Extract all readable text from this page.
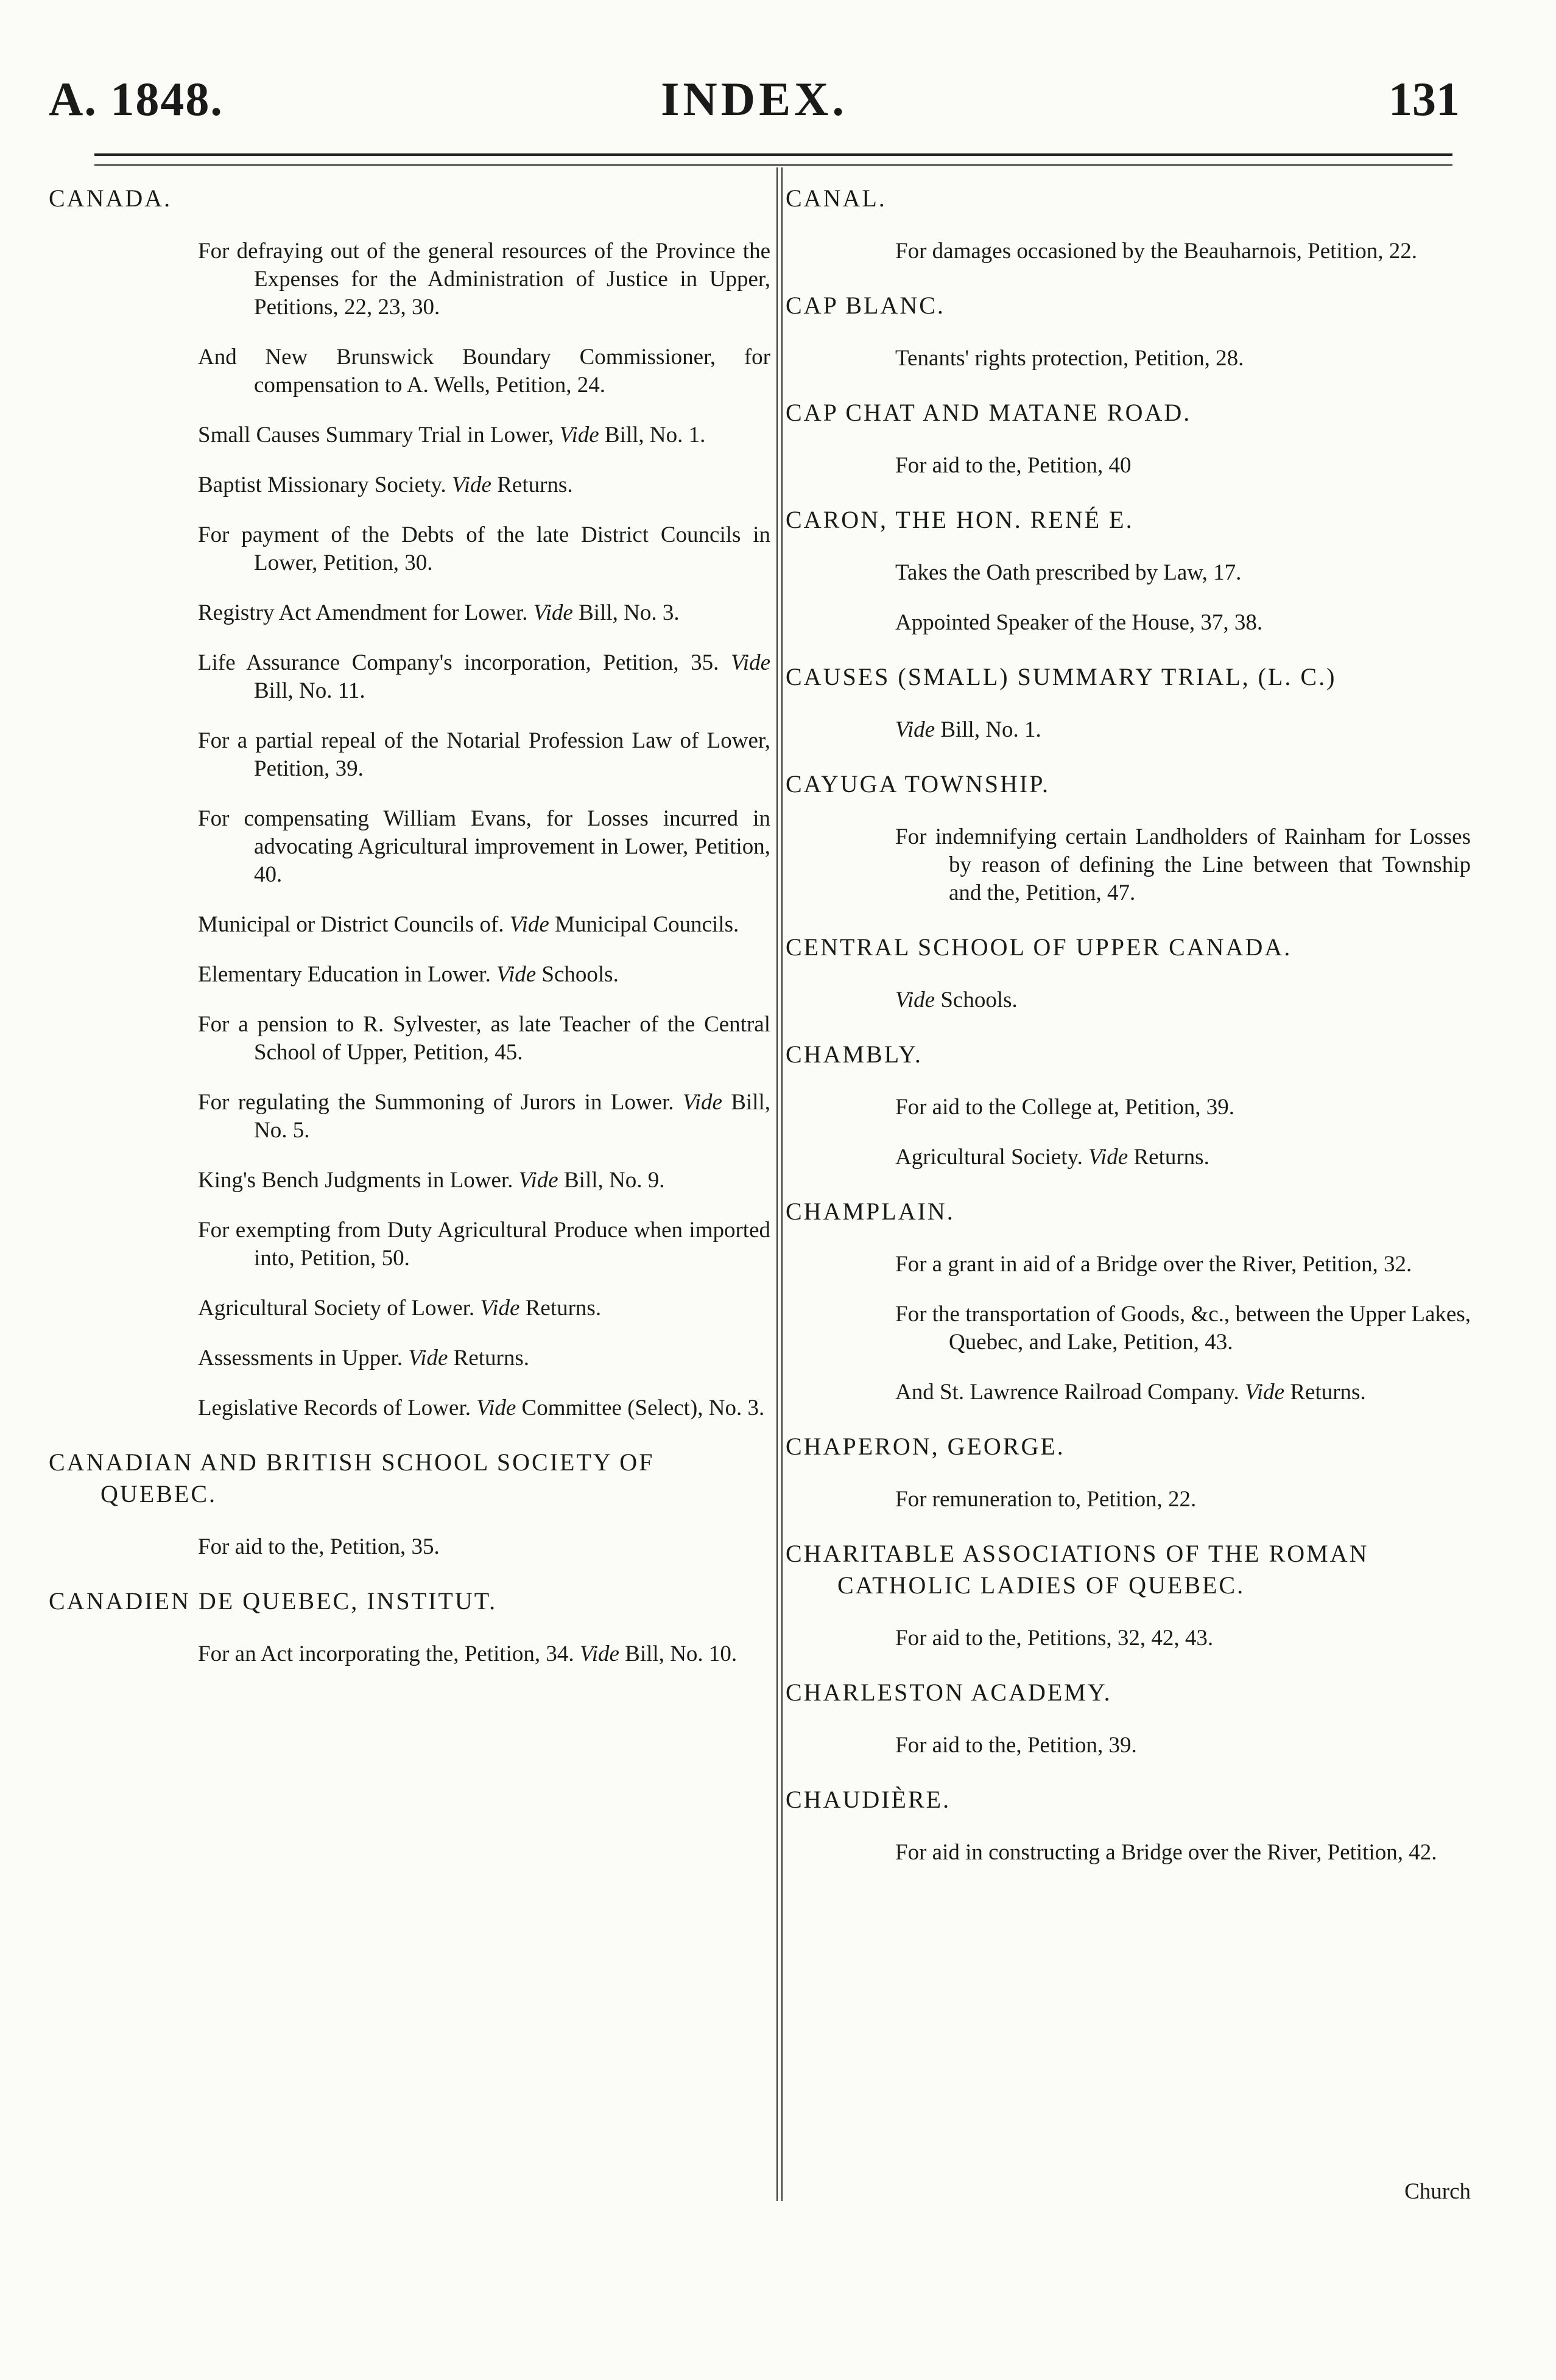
A. 1848.	INDEX.	131
CANADA.
For defraying out of the general resources of the Province the Expenses for the Administration of Justice in Upper, Petitions, 22, 23, 30.
And New Brunswick Boundary Commissioner, for compensation to A. Wells, Petition, 24.
Small Causes Summary Trial in Lower, Vide Bill, No. 1.
Baptist Missionary Society. Vide Returns.
For payment of the Debts of the late District Councils in Lower, Petition, 30.
Registry Act Amendment for Lower. Vide Bill, No. 3.
Life Assurance Company's incorporation, Petition, 35. Vide Bill, No. 11.
For a partial repeal of the Notarial Profession Law of Lower, Petition, 39.
For compensating William Evans, for Losses incurred in advocating Agricultural improvement in Lower, Petition, 40.
Municipal or District Councils of. Vide Municipal Councils.
Elementary Education in Lower. Vide Schools.
For a pension to R. Sylvester, as late Teacher of the Central School of Upper, Petition, 45.
For regulating the Summoning of Jurors in Lower. Vide Bill, No. 5.
King's Bench Judgments in Lower. Vide Bill, No. 9.
For exempting from Duty Agricultural Produce when imported into, Petition, 50.
Agricultural Society of Lower. Vide Returns.
Assessments in Upper. Vide Returns.
Legislative Records of Lower. Vide Committee (Select), No. 3.
CANADIAN AND BRITISH SCHOOL SOCIETY OF QUEBEC.
For aid to the, Petition, 35.
CANADIEN DE QUEBEC, INSTITUT.
For an Act incorporating the, Petition, 34. Vide Bill, No. 10.
CANAL.
For damages occasioned by the Beauharnois, Petition, 22.
CAP BLANC.
Tenants' rights protection, Petition, 28.
CAP CHAT AND MATANE ROAD.
For aid to the, Petition, 40
CARON, THE HON. RENÉ E.
Takes the Oath prescribed by Law, 17.
Appointed Speaker of the House, 37, 38.
CAUSES (SMALL) SUMMARY TRIAL, (L. C.)
Vide Bill, No. 1.
CAYUGA TOWNSHIP.
For indemnifying certain Landholders of Rainham for Losses by reason of defining the Line between that Township and the, Petition, 47.
CENTRAL SCHOOL OF UPPER CANADA.
Vide Schools.
CHAMBLY.
For aid to the College at, Petition, 39.
Agricultural Society. Vide Returns.
CHAMPLAIN.
For a grant in aid of a Bridge over the River, Petition, 32.
For the transportation of Goods, &c., between the Upper Lakes, Quebec, and Lake, Petition, 43.
And St. Lawrence Railroad Company. Vide Returns.
CHAPERON, GEORGE.
For remuneration to, Petition, 22.
CHARITABLE ASSOCIATIONS OF THE ROMAN CATHOLIC LADIES OF QUEBEC.
For aid to the, Petitions, 32, 42, 43.
CHARLESTON ACADEMY.
For aid to the, Petition, 39.
CHAUDIÈRE.
For aid in constructing a Bridge over the River, Petition, 42.
Church
